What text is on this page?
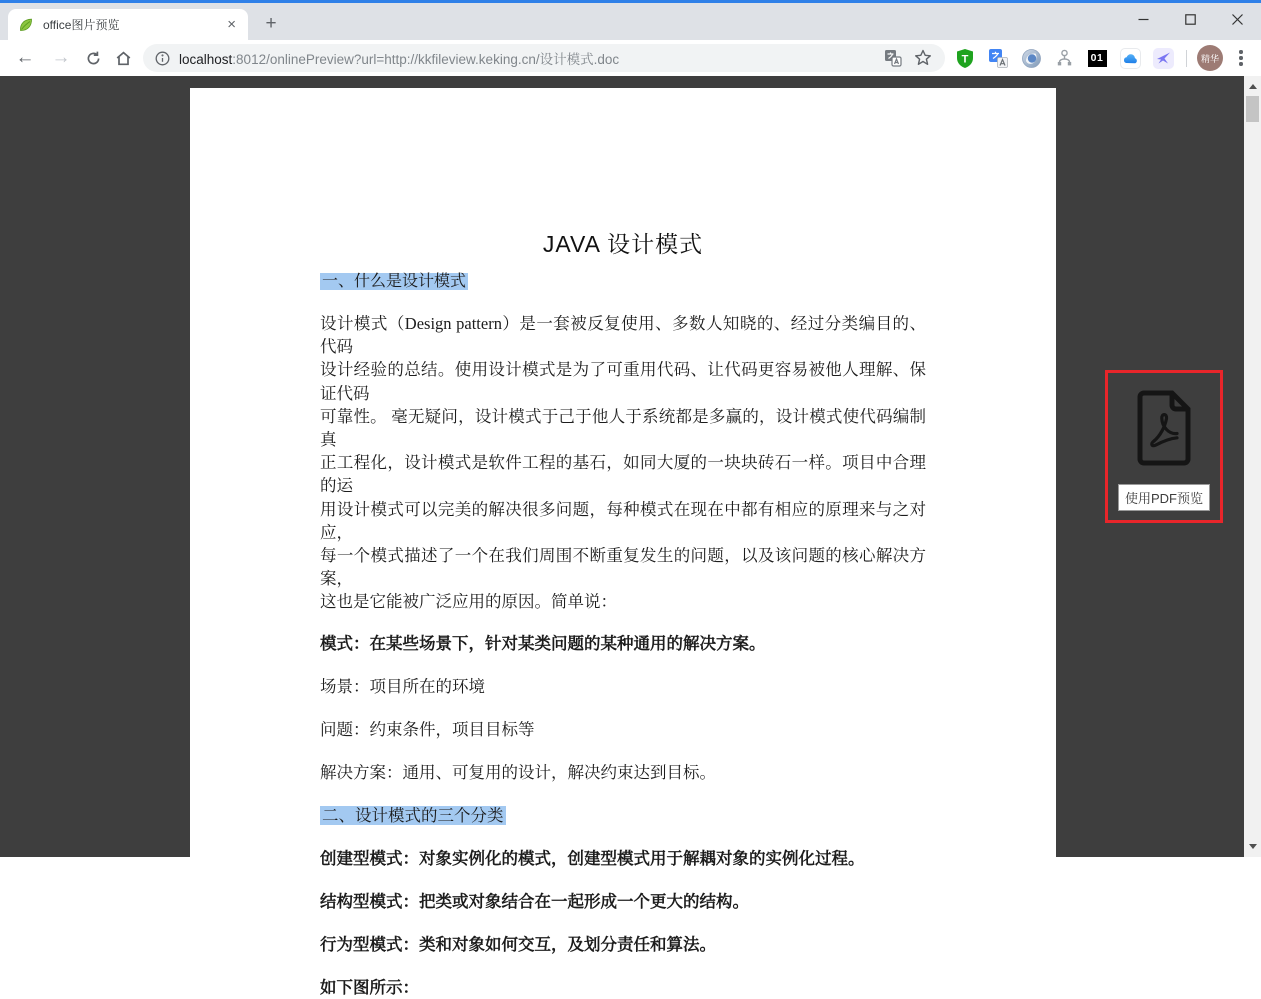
office图片预览	×	+
← →	localhost:8012/onlinePreview?url=http://kkfileview.keking.cn/设计模式.doc	T	01	精华
JAVA 设计模式
一、什么是设计模式
设计模式（Design pattern）是一套被反复使用、多数人知晓的、经过分类编目的、代码
设计经验的总结。使用设计模式是为了可重用代码、让代码更容易被他人理解、保证代码
可靠性。 毫无疑问，设计模式于己于他人于系统都是多赢的，设计模式使代码编制真
正工程化，设计模式是软件工程的基石，如同大厦的一块块砖石一样。项目中合理的运
用设计模式可以完美的解决很多问题，每种模式在现在中都有相应的原理来与之对应，
每一个模式描述了一个在我们周围不断重复发生的问题，以及该问题的核心解决方案，
这也是它能被广泛应用的原因。简单说：
模式：在某些场景下，针对某类问题的某种通用的解决方案。
场景：项目所在的环境
问题：约束条件，项目目标等
解决方案：通用、可复用的设计，解决约束达到目标。
二、设计模式的三个分类
创建型模式：对象实例化的模式，创建型模式用于解耦对象的实例化过程。
结构型模式：把类或对象结合在一起形成一个更大的结构。
行为型模式：类和对象如何交互，及划分责任和算法。
如下图所示：
使用PDF预览
